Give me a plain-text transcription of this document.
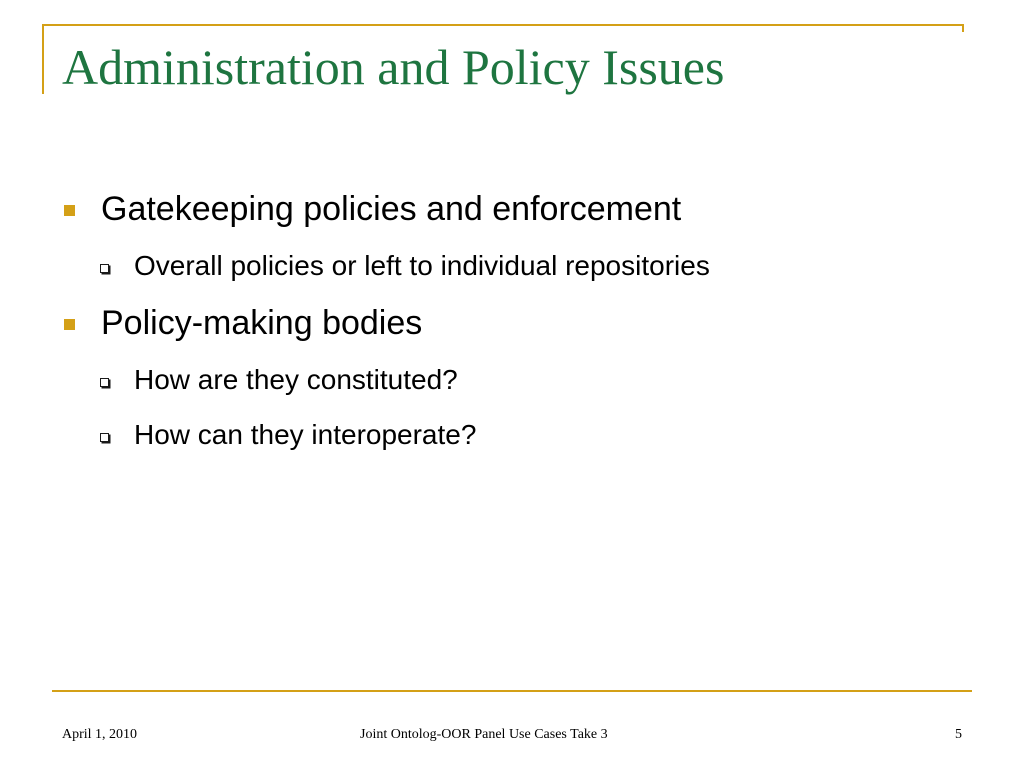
Administration and Policy Issues
Gatekeeping policies and enforcement
Overall policies or left to individual repositories
Policy-making bodies
How are they constituted?
How can they interoperate?
April 1, 2010	Joint Ontolog-OOR Panel Use Cases Take 3	5
